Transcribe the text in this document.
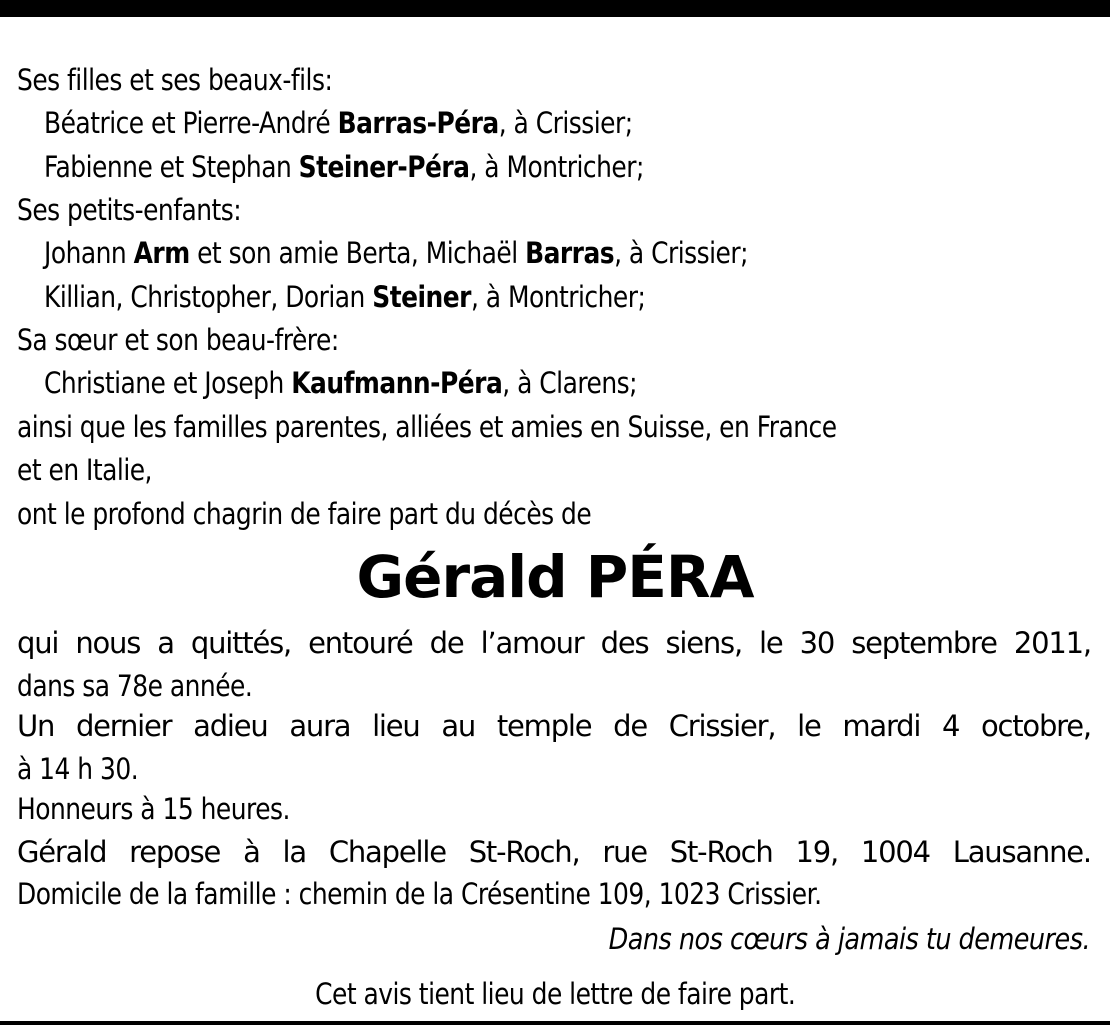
Ses filles et ses beaux-fils:
Béatrice et Pierre-André Barras-Péra, à Crissier;
Fabienne et Stephan Steiner-Péra, à Montricher;
Ses petits-enfants:
Johann Arm et son amie Berta, Michaël Barras, à Crissier;
Killian, Christopher, Dorian Steiner, à Montricher;
Sa sœur et son beau-frère:
Christiane et Joseph Kaufmann-Péra, à Clarens;
ainsi que les familles parentes, alliées et amies en Suisse, en France
et en Italie,
ont le profond chagrin de faire part du décès de
Gérald PÉRA
qui nous a quittés, entouré de l’amour des siens, le 30 septembre 2011,
dans sa 78e année.
Un dernier adieu aura lieu au temple de Crissier, le mardi 4 octobre,
à 14 h 30.
Honneurs à 15 heures.
Gérald repose à la Chapelle St-Roch, rue St-Roch 19, 1004 Lausanne.
Domicile de la famille : chemin de la Crésentine 109, 1023 Crissier.
Dans nos cœurs à jamais tu demeures.
Cet avis tient lieu de lettre de faire part.
